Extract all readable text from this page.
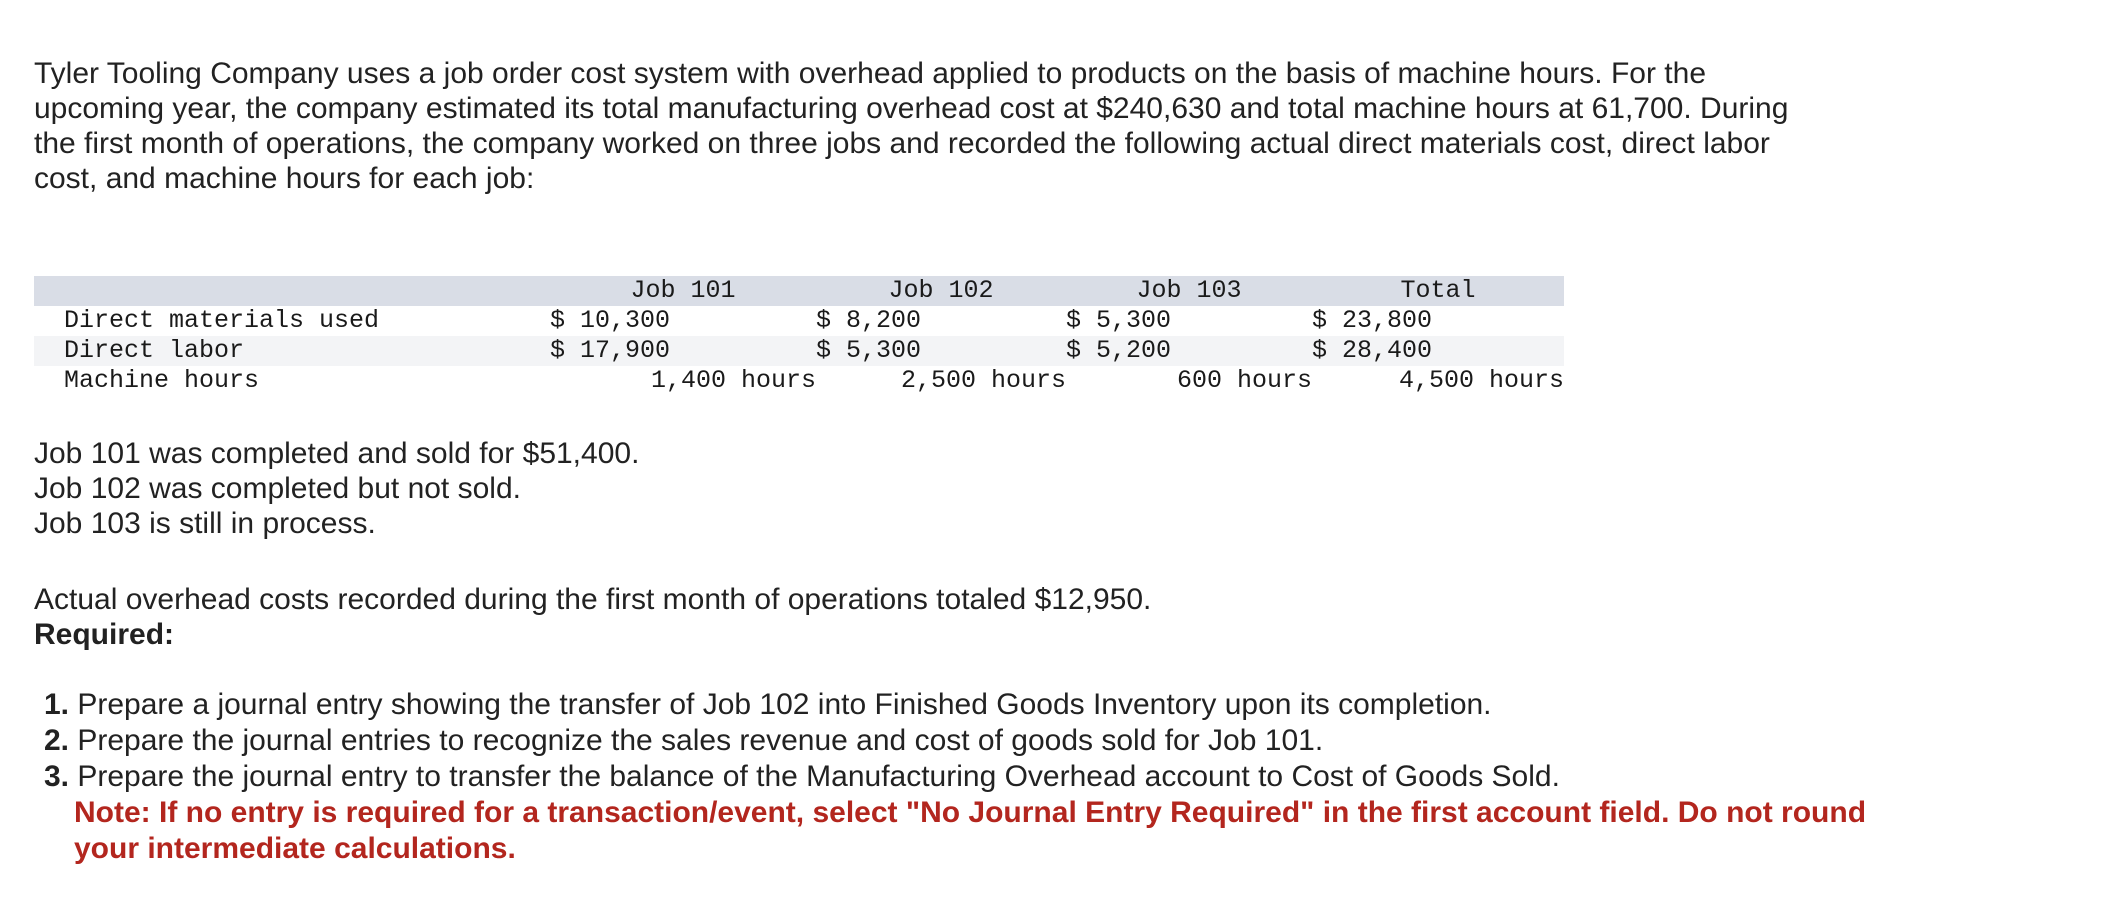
Tyler Tooling Company uses a job order cost system with overhead applied to products on the basis of machine hours. For the
upcoming year, the company estimated its total manufacturing overhead cost at $240,630 and total machine hours at 61,700. During
the first month of operations, the company worked on three jobs and recorded the following actual direct materials cost, direct labor
cost, and machine hours for each job:

	Job 101	Job 102	Job 103	Total
Direct materials used	$ 10,300	$ 8,200	$ 5,300	$ 23,800
Direct labor	$ 17,900	$ 5,300	$ 5,200	$ 28,400
Machine hours	1,400 hours	2,500 hours	600 hours	4,500 hours

Job 101 was completed and sold for $51,400.
Job 102 was completed but not sold.
Job 103 is still in process.

Actual overhead costs recorded during the first month of operations totaled $12,950.

Required:

1. Prepare a journal entry showing the transfer of Job 102 into Finished Goods Inventory upon its completion.
2. Prepare the journal entries to recognize the sales revenue and cost of goods sold for Job 101.
3. Prepare the journal entry to transfer the balance of the Manufacturing Overhead account to Cost of Goods Sold.

Note: If no entry is required for a transaction/event, select "No Journal Entry Required" in the first account field. Do not round
your intermediate calculations.
